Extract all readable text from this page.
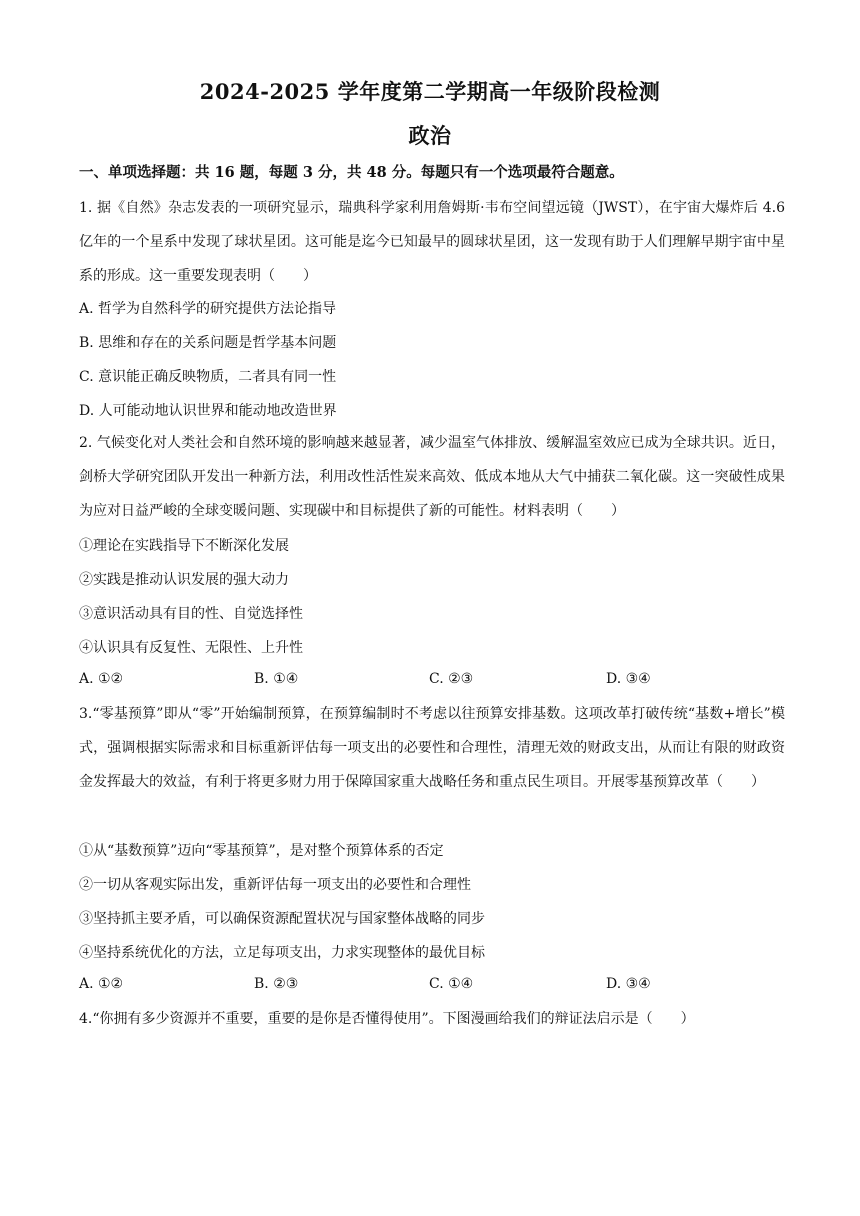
2024-2025 学年度第二学期高一年级阶段检测
政治
一、单项选择题：共 16 题，每题 3 分，共 48 分。每题只有一个选项最符合题意。
1. 据《自然》杂志发表的一项研究显示，瑞典科学家利用詹姆斯·韦布空间望远镜（JWST），在宇宙大爆炸后 4.6 亿年的一个星系中发现了球状星团。这可能是迄今已知最早的圆球状星团，这一发现有助于人们理解早期宇宙中星系的形成。这一重要发现表明（　　）
A. 哲学为自然科学的研究提供方法论指导
B. 思维和存在的关系问题是哲学基本问题
C. 意识能正确反映物质，二者具有同一性
D. 人可能动地认识世界和能动地改造世界
2. 气候变化对人类社会和自然环境的影响越来越显著，减少温室气体排放、缓解温室效应已成为全球共识。近日，剑桥大学研究团队开发出一种新方法，利用改性活性炭来高效、低成本地从大气中捕获二氧化碳。这一突破性成果为应对日益严峻的全球变暖问题、实现碳中和目标提供了新的可能性。材料表明（　　）
①理论在实践指导下不断深化发展
②实践是推动认识发展的强大动力
③意识活动具有目的性、自觉选择性
④认识具有反复性、无限性、上升性
A. ①②	B. ①④	C. ②③	D. ③④
3.“零基预算”即从“零”开始编制预算，在预算编制时不考虑以往预算安排基数。这项改革打破传统“基数+增长”模式，强调根据实际需求和目标重新评估每一项支出的必要性和合理性，清理无效的财政支出，从而让有限的财政资金发挥最大的效益，有利于将更多财力用于保障国家重大战略任务和重点民生项目。开展零基预算改革（　　）
①从“基数预算”迈向“零基预算”，是对整个预算体系的否定
②一切从客观实际出发，重新评估每一项支出的必要性和合理性
③坚持抓主要矛盾，可以确保资源配置状况与国家整体战略的同步
④坚持系统优化的方法，立足每项支出，力求实现整体的最优目标
A. ①②	B. ②③	C. ①④	D. ③④
4.“你拥有多少资源并不重要，重要的是你是否懂得使用”。下图漫画给我们的辩证法启示是（　　）
